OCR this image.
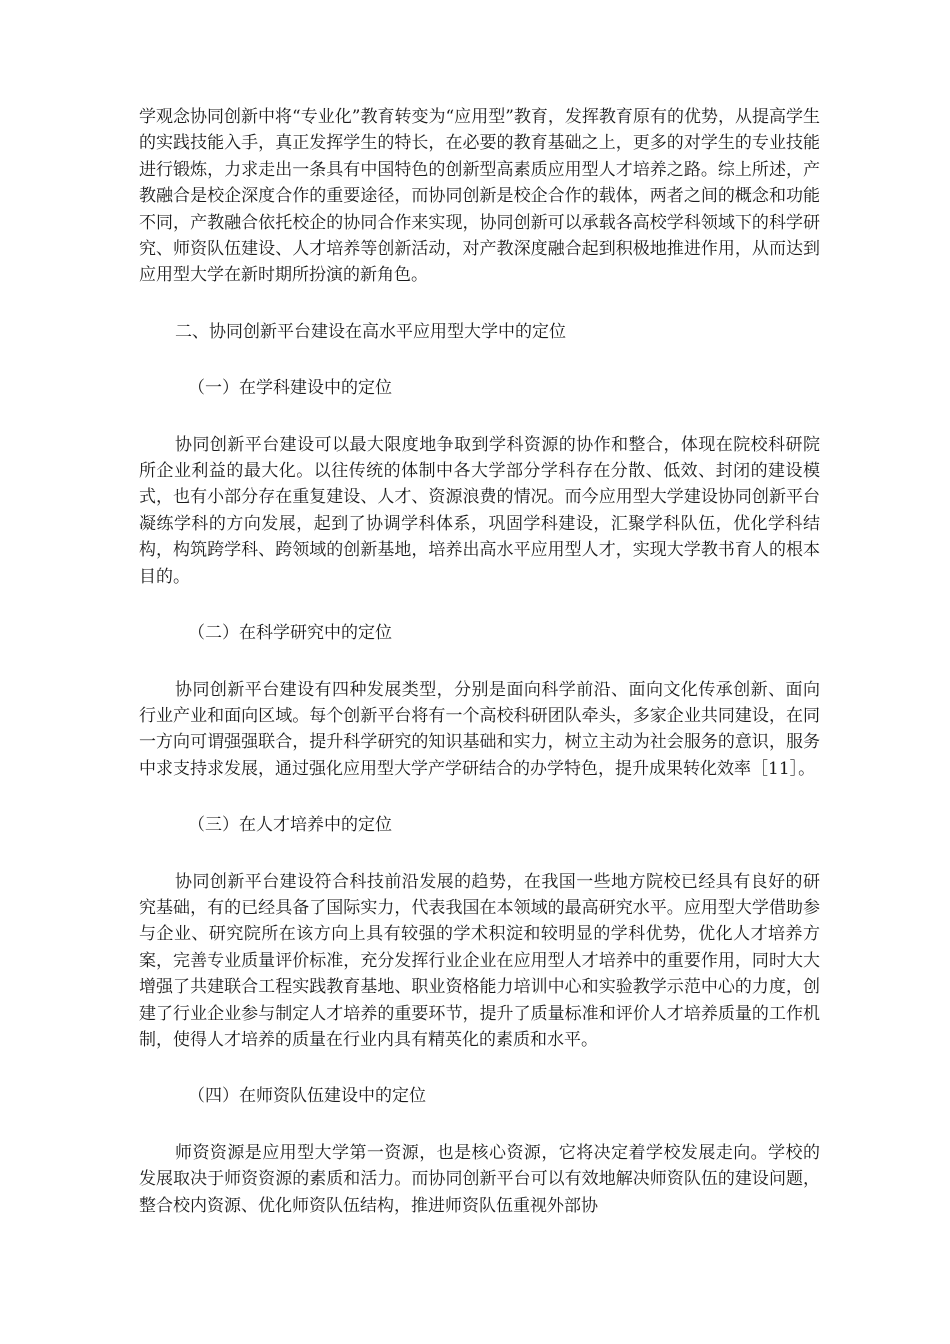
学观念协同创新中将“专业化”教育转变为“应用型”教育，发挥教育原有的优势，从提高学生的实践技能入手，真正发挥学生的特长，在必要的教育基础之上，更多的对学生的专业技能进行锻炼，力求走出一条具有中国特色的创新型高素质应用型人才培养之路。综上所述，产教融合是校企深度合作的重要途径，而协同创新是校企合作的载体，两者之间的概念和功能不同，产教融合依托校企的协同合作来实现，协同创新可以承载各高校学科领域下的科学研究、师资队伍建设、人才培养等创新活动，对产教深度融合起到积极地推进作用，从而达到应用型大学在新时期所扮演的新角色。

二、协同创新平台建设在高水平应用型大学中的定位

（一）在学科建设中的定位

协同创新平台建设可以最大限度地争取到学科资源的协作和整合，体现在院校科研院所企业利益的最大化。以往传统的体制中各大学部分学科存在分散、低效、封闭的建设模式，也有小部分存在重复建设、人才、资源浪费的情况。而今应用型大学建设协同创新平台凝练学科的方向发展，起到了协调学科体系，巩固学科建设，汇聚学科队伍，优化学科结构，构筑跨学科、跨领域的创新基地，培养出高水平应用型人才，实现大学教书育人的根本目的。

（二）在科学研究中的定位

协同创新平台建设有四种发展类型，分别是面向科学前沿、面向文化传承创新、面向行业产业和面向区域。每个创新平台将有一个高校科研团队牵头，多家企业共同建设，在同一方向可谓强强联合，提升科学研究的知识基础和实力，树立主动为社会服务的意识，服务中求支持求发展，通过强化应用型大学产学研结合的办学特色，提升成果转化效率［11］。

（三）在人才培养中的定位

协同创新平台建设符合科技前沿发展的趋势，在我国一些地方院校已经具有良好的研究基础，有的已经具备了国际实力，代表我国在本领域的最高研究水平。应用型大学借助参与企业、研究院所在该方向上具有较强的学术积淀和较明显的学科优势，优化人才培养方案，完善专业质量评价标准，充分发挥行业企业在应用型人才培养中的重要作用，同时大大增强了共建联合工程实践教育基地、职业资格能力培训中心和实验教学示范中心的力度，创建了行业企业参与制定人才培养的重要环节，提升了质量标准和评价人才培养质量的工作机制，使得人才培养的质量在行业内具有精英化的素质和水平。

（四）在师资队伍建设中的定位

师资资源是应用型大学第一资源，也是核心资源，它将决定着学校发展走向。学校的发展取决于师资资源的素质和活力。而协同创新平台可以有效地解决师资队伍的建设问题，整合校内资源、优化师资队伍结构，推进师资队伍重视外部协
